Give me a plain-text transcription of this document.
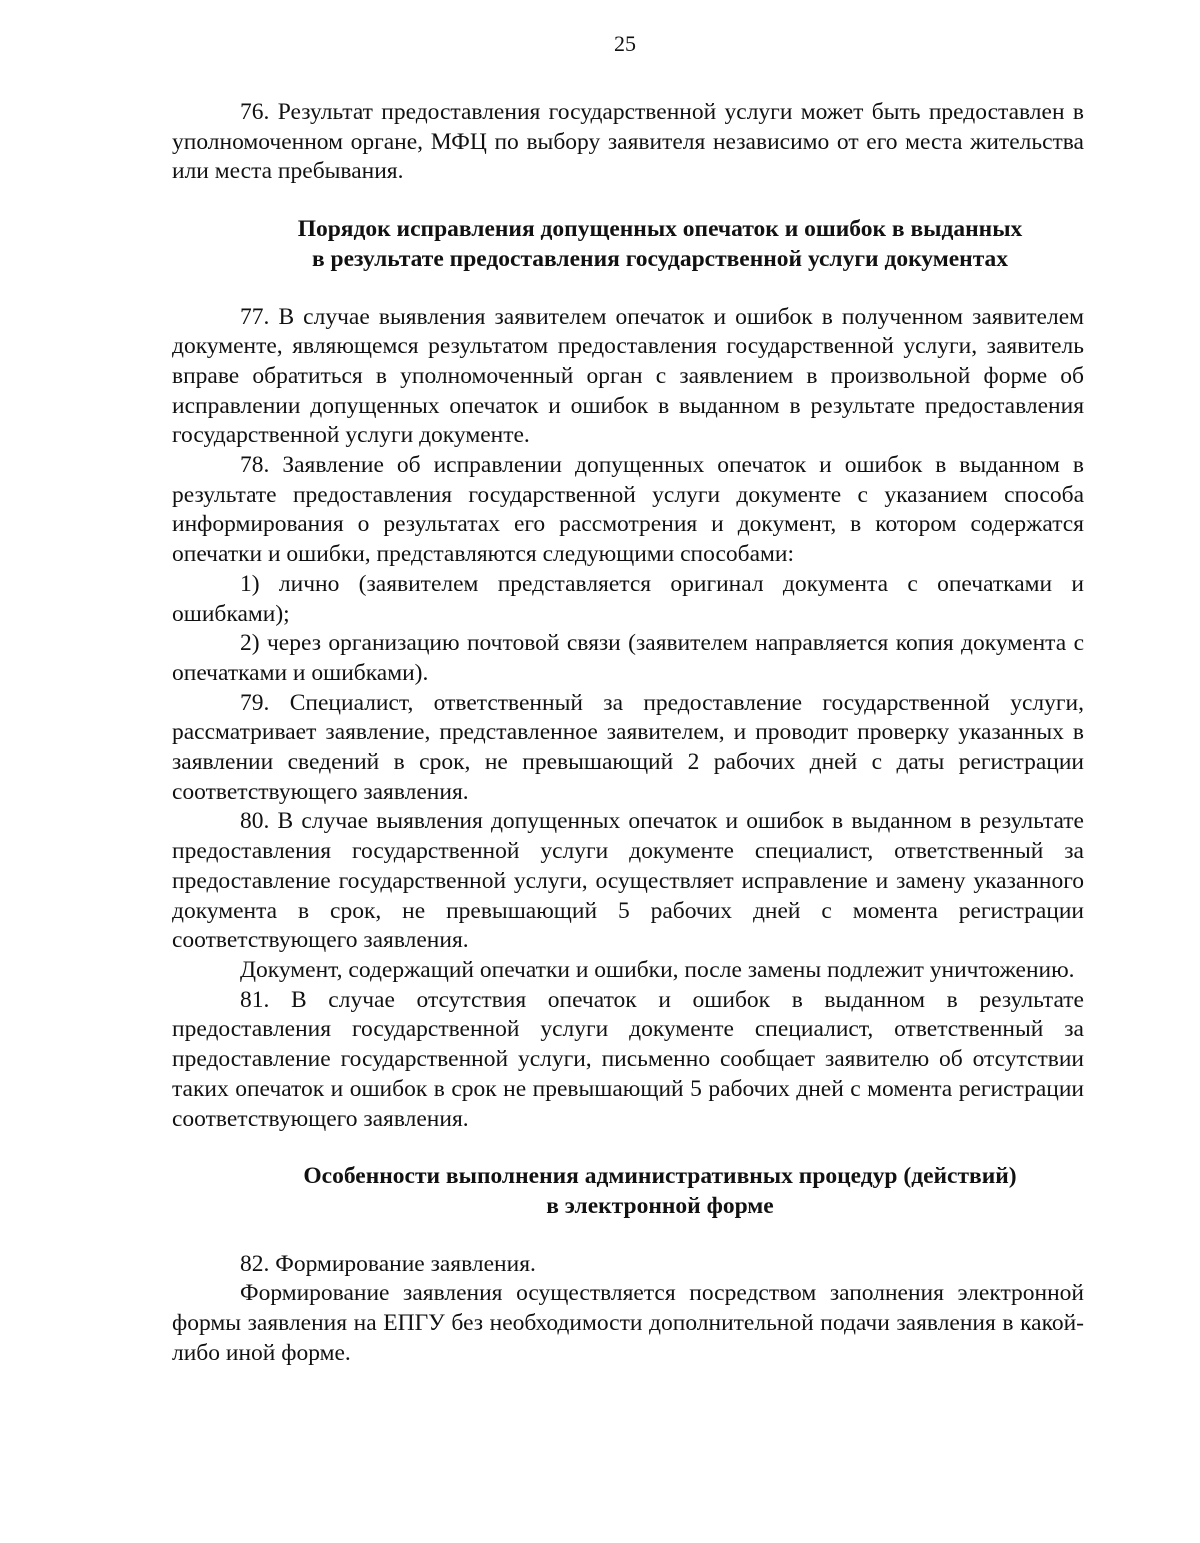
25

76. Результат предоставления государственной услуги может быть предоставлен в уполномоченном органе, МФЦ по выбору заявителя независимо от его места жительства или места пребывания.

Порядок исправления допущенных опечаток и ошибок в выданных
в результате предоставления государственной услуги документах

77. В случае выявления заявителем опечаток и ошибок в полученном заявителем документе, являющемся результатом предоставления государственной услуги, заявитель вправе обратиться в уполномоченный орган с заявлением в произвольной форме об исправлении допущенных опечаток и ошибок в выданном в результате предоставления государственной услуги документе.

78. Заявление об исправлении допущенных опечаток и ошибок в выданном в результате предоставления государственной услуги документе с указанием способа информирования о результатах его рассмотрения и документ, в котором содержатся опечатки и ошибки, представляются следующими способами:

1) лично (заявителем представляется оригинал документа с опечатками и ошибками);

2) через организацию почтовой связи (заявителем направляется копия документа с опечатками и ошибками).

79. Специалист, ответственный за предоставление государственной услуги, рассматривает заявление, представленное заявителем, и проводит проверку указанных в заявлении сведений в срок, не превышающий 2 рабочих дней с даты регистрации соответствующего заявления.

80. В случае выявления допущенных опечаток и ошибок в выданном в результате предоставления государственной услуги документе специалист, ответственный за предоставление государственной услуги, осуществляет исправление и замену указанного документа в срок, не превышающий 5 рабочих дней с момента регистрации соответствующего заявления.

Документ, содержащий опечатки и ошибки, после замены подлежит уничтожению.

81. В случае отсутствия опечаток и ошибок в выданном в результате предоставления государственной услуги документе специалист, ответственный за предоставление государственной услуги, письменно сообщает заявителю об отсутствии таких опечаток и ошибок в срок не превышающий 5 рабочих дней с момента регистрации соответствующего заявления.

Особенности выполнения административных процедур (действий)
в электронной форме

82. Формирование заявления.

Формирование заявления осуществляется посредством заполнения электронной формы заявления на ЕПГУ без необходимости дополнительной подачи заявления в какой-либо иной форме.
